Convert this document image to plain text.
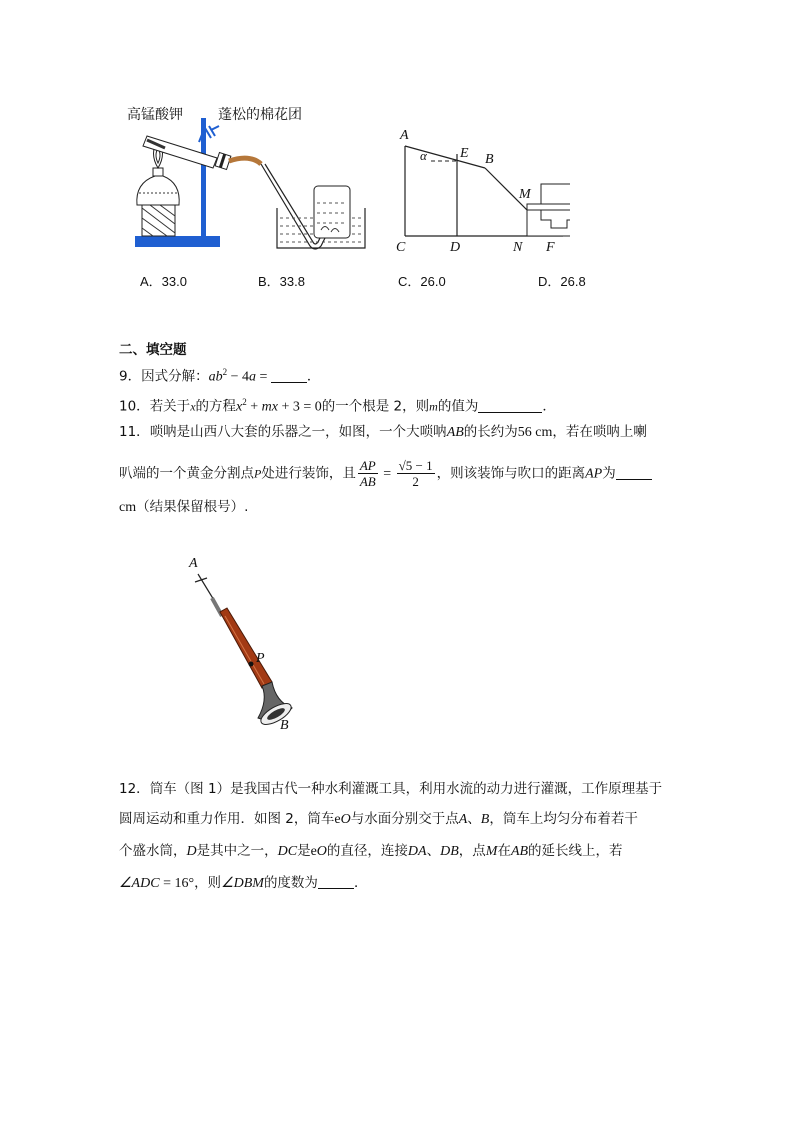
高锰酸钾	蓬松的棉花团
A
E B
M
C	D	N F
α
A．33.0	B．33.8	C．26.0	D．26.8
二、填空题
9．因式分解：$ab^2 - 4a$ =	．
10．若关于x的方程$x^2$ + mx + 3 = 0的一个根是 2，则m的值为	．
11．唢呐是山西八大套的乐器之一，如图，一个大唢呐AB的长约为56 cm，若在唢呐上喇
叭端的一个黄金分割点P处进行装饰，且 $\frac{AP}{AB} = \frac{√5 - 1}{2}$ ，则该装饰与吹口的距离AP为
cm（结果保留根号）.
A
P
B
12．筒车（图 1）是我国古代一种水利灌溉工具，利用水流的动力进行灌溉，工作原理基于
圆周运动和重力作用．如图 2，筒车eO与水面分别交于点A、B，筒车上均匀分布着若干
个盛水筒，D是其中之一，DC是eO的直径，连接DA、DB，点M在AB的延长线上，若
∠ADC = 16°，则∠DBM的度数为	．
